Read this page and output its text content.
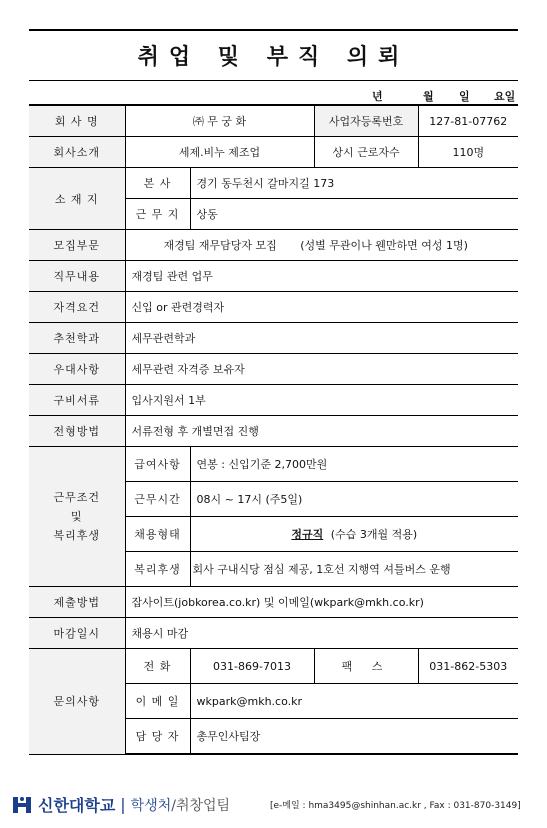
취업 및 부직 의뢰
년	월 일 요일
회 사 명	㈜ 무 궁 화		사업자등록번호	127-81-07762
회사소개	세제.비누 제조업		상시 근로자수	110명
소 재 지	본 사	경기 동두천시 갈마지길 173		
	근 무 지	상동		
모집부문	재경팀 재무담당자 모집 (성별 무관이나 웬만하면 여성 1명)			
직무내용	재경팀 관련 업무			
자격요건	신입 or 관련경력자			
추천학과	세무관련학과			
우대사항	세무관련 자격증 보유자			
구비서류	입사지원서 1부			
전형방법	서류전형 후 개별면접 진행			

근무조건
및
복리후생	급여사항	연봉 : 신입기준 2,700만원		
	근무시간	08시 ~ 17시 (주5일)		
	채용형태	정규직 (수습 3개월 적용)		
	복리후생	회사 구내식당 점심 제공, 1호선 지행역 셔틀버스 운행		
제출방법	잡사이트(jobkorea.co.kr) 및 이메일(wkpark@mkh.co.kr)			
마감일시	채용시 마감			
문의사항	전 화	031-869-7013	팩 스	031-862-5303
	이 메 일	wkpark@mkh.co.kr		
	담 당 자	총무인사팀장		
신한대학교 | 학생처/취창업팀	[e-메일 : hma3495@shinhan.ac.kr , Fax : 031-870-3149]
